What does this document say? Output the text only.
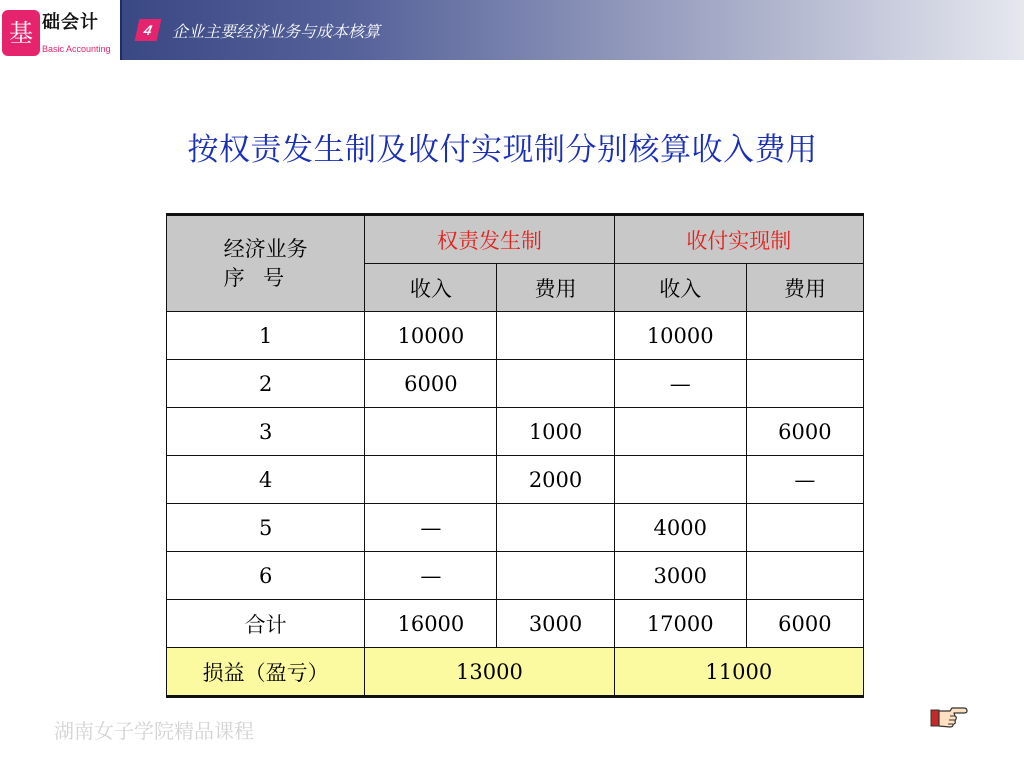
基 础会计
Basic Accounting
4	企业主要经济业务与成本核算
按权责发生制及收付实现制分别核算收入费用
经济业务
序 号	权责发生制		收付实现制	
	收入	费用	收入	费用
1	10000		10000	
2	6000		—	
3		1000		6000
4		2000		—
5	—		4000	
6	—		3000	
合计	16000	3000	17000	6000
损益（盈亏）	13000		11000	
湖南女子学院精品课程
